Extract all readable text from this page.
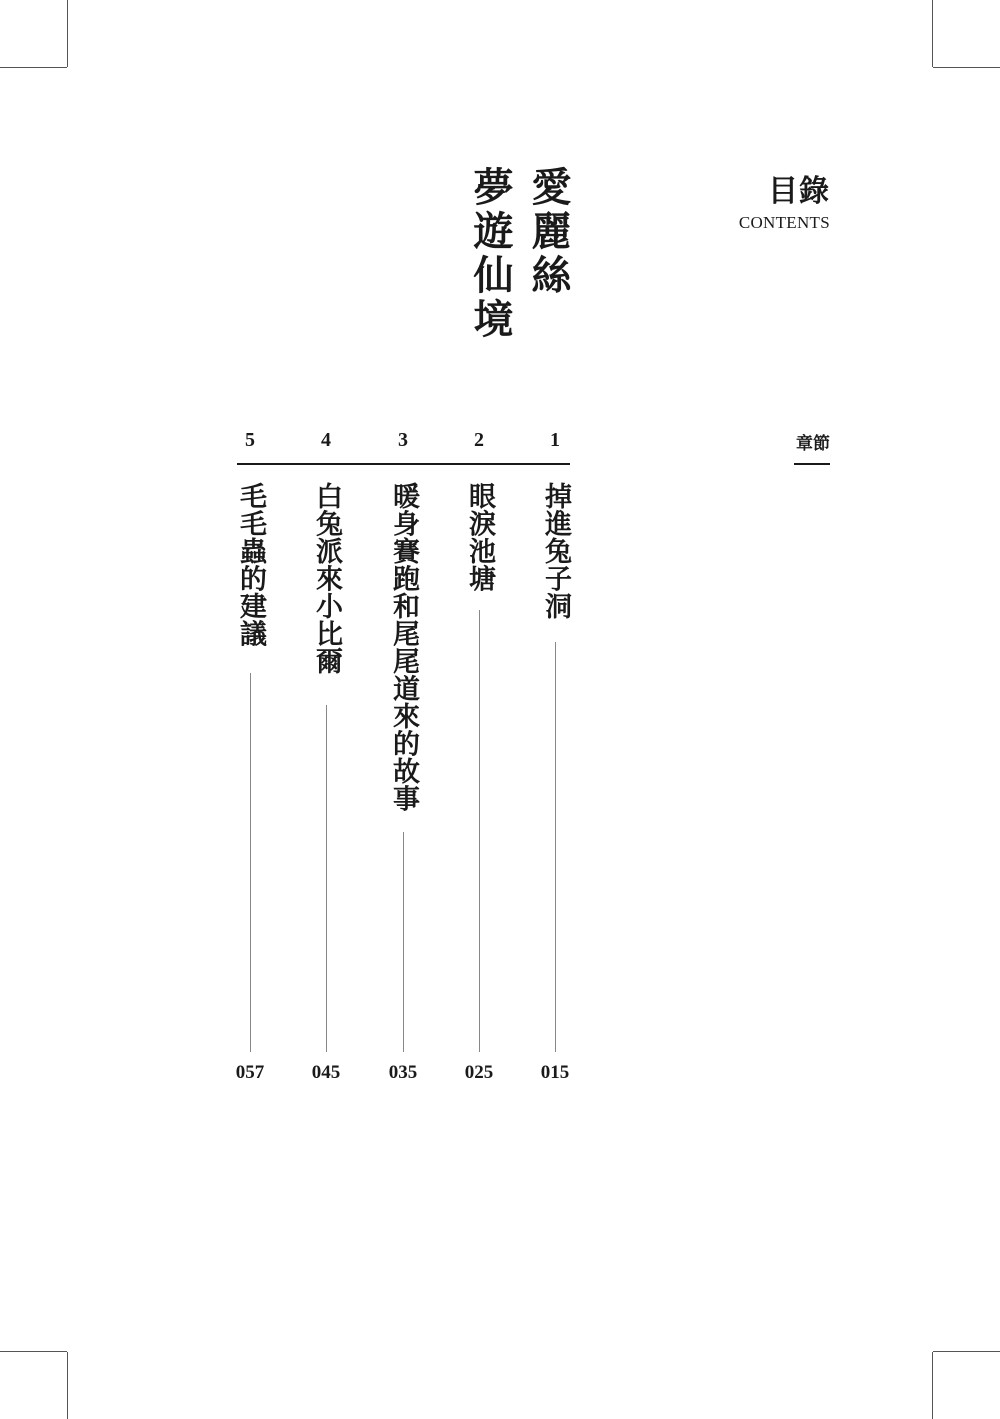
目錄
CONTENTS
愛麗絲
夢遊仙境
章節
1
掉進兔子洞
015
2
眼淚池塘
025
3
暖身賽跑和尾尾道來的故事
035
4
白兔派來小比爾
045
5
毛毛蟲的建議
057
